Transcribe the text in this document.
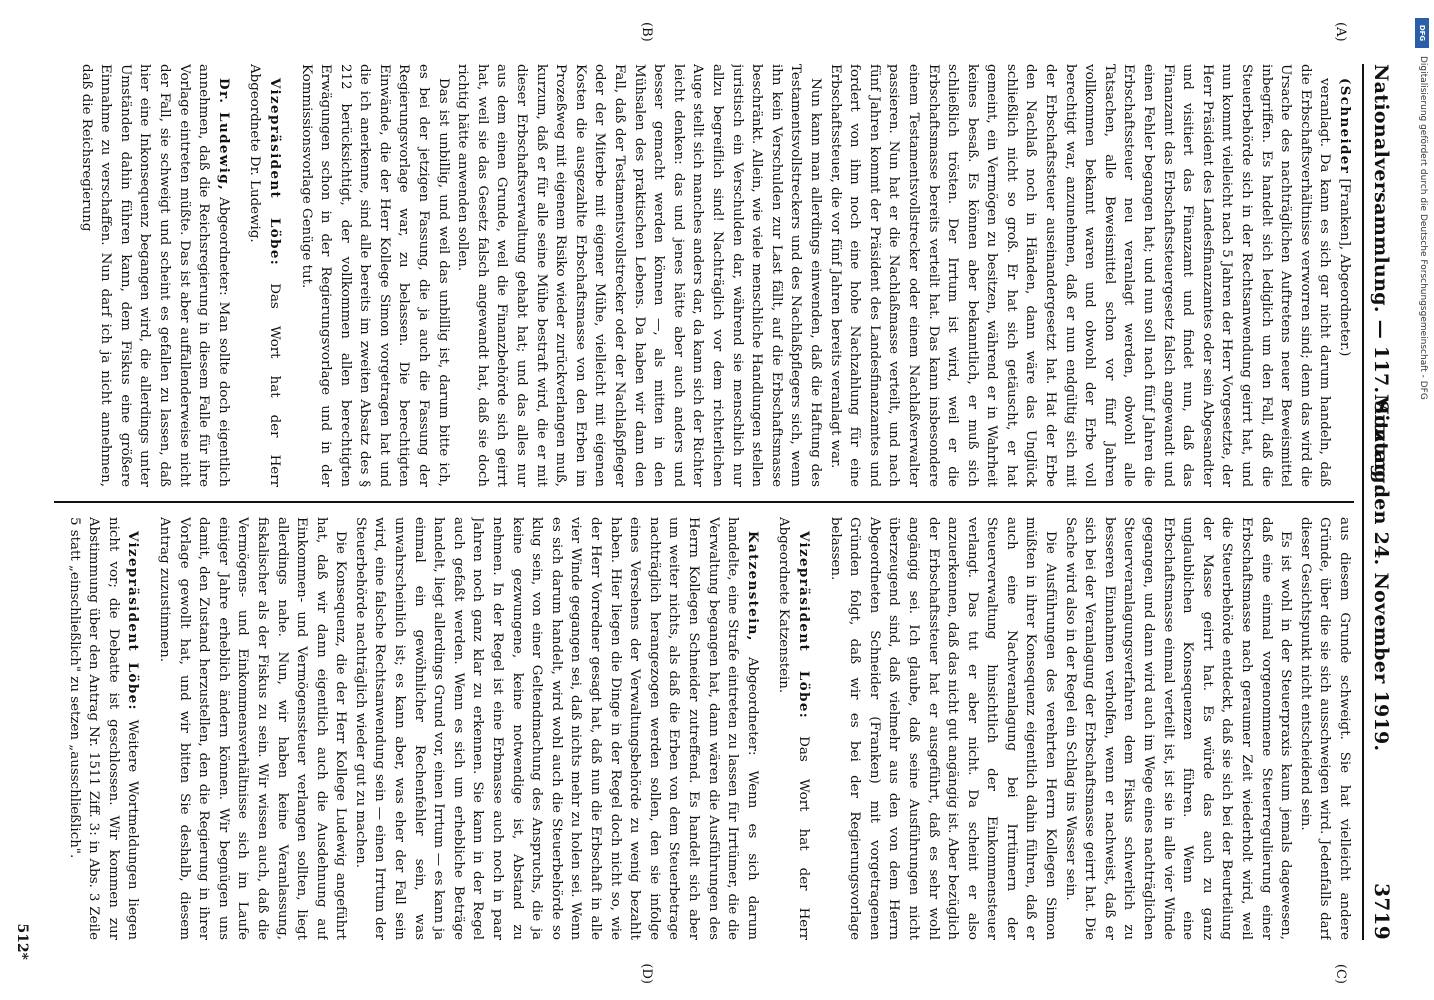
Nationalversammlung. — 117. Sitzung.
Montag den 24. November 1919.
3719
(A)
(B)
(C)
(D)

(Schneider [Franken], Abgeordneter.)

veranlagt. Da kann es sich gar nicht darum handeln, daß die Erbschaftsverhältnisse verworren sind; denn das wird die Ursache des nachträglichen Auftretens neuer Beweismittel inbegriffen. Es handelt sich lediglich um den Fall, daß die Steuerbehörde sich in der Rechtsanwendung geirrt hat, und nun kommt vielleicht nach 5 Jahren der Herr Vorgesetzte, der Herr Präsident des Landesfinanzamtes oder sein Abgesandter und visitiert das Finanzamt und findet nun, daß das Finanzamt das Erbschaftssteuergesetz falsch angewandt und einen Fehler begangen hat; und nun soll nach fünf Jahren die Erbschaftssteuer neu veranlagt werden, obwohl alle Tatsachen, alle Beweismittel schon vor fünf Jahren vollkommen bekannt waren und obwohl der Erbe voll berechtigt war, anzunehmen, daß er nun endgültig sich mit der Erbschaftssteuer auseinandergesetzt hat. Hat der Erbe den Nachlaß noch in Händen, dann wäre das Unglück schließlich nicht so groß. Er hat sich getäuscht, er hat gemeint, ein Vermögen zu besitzen, während er in Wahrheit keines besaß. Es können aber bekanntlich, er muß sich schließlich trösten. Der Irrtum ist wird, weil er die Erbschaftsmasse bereits verteilt hat. Das kann insbesondere einem Testamentsvollstrecker oder einem Nachlaßverwalter passieren. Nun hat er die Nachlaßmasse verteilt, und nach fünf Jahren kommt der Präsident des Landesfinanzamtes und fordert von ihm noch eine hohe Nachzahlung für eine Erbschaftssteuer, die vor fünf Jahren bereits veranlagt war.

Nun kann man allerdings einwenden, daß die Haftung des Testamentsvollstreckers und des Nachlaßpflegers sich, wenn ihn kein Verschulden zur Last fällt, auf die Erbschaftsmasse beschränkt. Allein, wie viele menschliche Handlungen stellen juristisch ein Verschulden dar, während sie menschlich nur allzu begreiflich sind! Nachträglich vor dem richterlichen Auge stellt sich manches anders dar, da kann sich der Richter leicht denken: das und jenes hätte aber auch anders und besser gemacht werden können —, als mitten in den Mühsalen des praktischen Lebens. Da haben wir dann den Fall, daß der Testamentsvollstrecker oder der Nachlaßpfleger oder der Miterbe mit eigener Mühe, vielleicht mit eigenen Kosten die ausgezahlte Erbschaftsmasse von den Erben im Prozeßweg mit eigenem Risiko wieder zurückverlangen muß, kurzum, daß er für alle seine Mühe bestraft wird, die er mit dieser Erbschaftsverwaltung gehabt hat; und das alles nur aus dem einen Grunde, weil die Finanzbehörde sich geirrt hat, weil sie das Gesetz falsch angewandt hat, daß sie doch richtig hätte anwenden sollen.

Das ist unbillig, und weil das unbillig ist, darum bitte ich, es bei der jetzigen Fassung, die ja auch die Fassung der Regierungsvorlage war, zu belassen. Die berechtigten Einwände, die der Herr Kollege Simon vorgetragen hat und die ich anerkenne, sind alle bereits im zweiten Absatz des § 212 berücksichtigt, der vollkommen allen berechtigten Erwägungen schon in der Regierungsvorlage und in der Kommissionsvorlage Genüge tut.

Vizepräsident Löbe: Das Wort hat der Herr Abgeordnete Dr. Ludewig.

Dr. Ludewig, Abgeordneter: Man sollte doch eigentlich annehmen, daß die Reichsregierung in diesem Falle für ihre Vorlage eintreten müßte. Das ist aber auffallenderweise nicht der Fall, sie schweigt und scheint es gefallen zu lassen, daß hier eine Inkonsequenz begangen wird, die allerdings unter Umständen dahin führen kann, dem Fiskus eine größere Einnahme zu verschaffen. Nun darf ich ja nicht annehmen, daß die Reichsregierung

aus diesem Grunde schweigt. Sie hat vielleicht andere Gründe, über die sie sich ausschweigen wird. Jedenfalls darf dieser Gesichtspunkt nicht entscheidend sein.

Es ist wohl in der Steuerpraxis kaum jemals dagewesen, daß eine einmal vorgenommene Steuerregulierung einer Erbschaftsmasse nach geraumer Zeit wiederholt wird, weil die Steuerbehörde entdeckt, daß sie sich bei der Beurteilung der Masse geirrt hat. Es würde das auch zu ganz unglaublichen Konsequenzen führen. Wenn eine Erbschaftsmasse einmal verteilt ist, ist sie in alle vier Winde gegangen, und dann wird auch im Wege eines nachträglichen Steuerveranlagungsverfahren dem Fiskus schwerlich zu besseren Einnahmen verholfen, wenn er nachweist, daß er sich bei der Veranlagung der Erbschaftsmasse geirrt hat. Die Sache wird also in der Regel ein Schlag ins Wasser sein.

Die Ausführungen des verehrten Herrn Kollegen Simon müßten in ihrer Konsequenz eigentlich dahin führen, daß er auch eine Nachveranlagung bei Irrtümern der Steuerverwaltung hinsichtlich der Einkommensteuer verlangt. Das tut er aber nicht. Da scheint er also anzuerkennen, daß das nicht gut angängig ist. Aber bezüglich der Erbschaftssteuer hat er ausgeführt, daß es sehr wohl angängig sei. Ich glaube, daß seine Ausführungen nicht überzeugend sind, daß vielmehr aus den von dem Herrn Abgeordneten Schneider (Franken) mit vorgetragenen Gründen folgt, daß wir es bei der Regierungsvorlage belassen.

Vizepräsident Löbe: Das Wort hat der Herr Abgeordnete Katzenstein.

Katzenstein, Abgeordneter: Wenn es sich darum handelte, eine Strafe eintreten zu lassen für Irrtümer, die die Verwaltung begangen hat, dann wären die Ausführungen des Herrn Kollegen Schneider zutreffend. Es handelt sich aber um weiter nichts, als daß die Erben von dem Steuerbetrage nachträglich herangezogen werden sollen, den sie infolge eines Versehens der Verwaltungsbehörde zu wenig bezahlt haben. Hier liegen die Dinge in der Regel doch nicht so, wie der Herr Vorredner gesagt hat, daß nun die Erbschaft in alle vier Winde gegangen sei, daß nichts mehr zu holen sei. Wenn es sich darum handelt, wird wohl auch die Steuerbehörde so klug sein, von einer Geltendmachung des Anspruchs, die ja keine gezwungene, keine notwendige ist, Abstand zu nehmen. In der Regel ist eine Erbmasse auch noch in paar Jahren noch ganz klar zu erkennen. Sie kann in der Regel auch gefaßt werden. Wenn es sich um erhebliche Beträge handelt, liegt allerdings Grund vor, einen Irrtum — es kann ja einmal ein gewöhnlicher Rechenfehler sein, was unwahrscheinlich ist; es kann aber, was eher der Fall sein wird, eine falsche Rechtsanwendung sein — einen Irrtum der Steuerbehörde nachträglich wieder gut zu machen.

Die Konsequenz, die der Herr Kollege Ludewig angeführt hat, daß wir dann eigentlich auch die Ausdehnung auf Einkommen- und Vermögenssteuer verlangen sollten, liegt allerdings nahe. Nun, wir haben keine Veranlassung, fiskalischer als der Fiskus zu sein. Wir wissen auch, daß die Vermögens- und Einkommensverhältnisse sich im Laufe einiger Jahre erheblich ändern können. Wir begnügen uns damit, den Zustand herzustellen, den die Regierung in ihrer Vorlage gewollt hat, und wir bitten Sie deshalb, diesem Antrag zuzustimmen.

Vizepräsident Löbe: Weitere Wortmeldungen liegen nicht vor; die Debatte ist geschlossen. Wir kommen zur Abstimmung über den Antrag Nr. 1511 Ziff. 3: in Abs. 3 Zeile 5 statt „einschließlich" zu setzen „ausschließlich".

512*
DFG
Digitalisierung gefördert durch die Deutsche Forschungsgemeinschaft - DFG
